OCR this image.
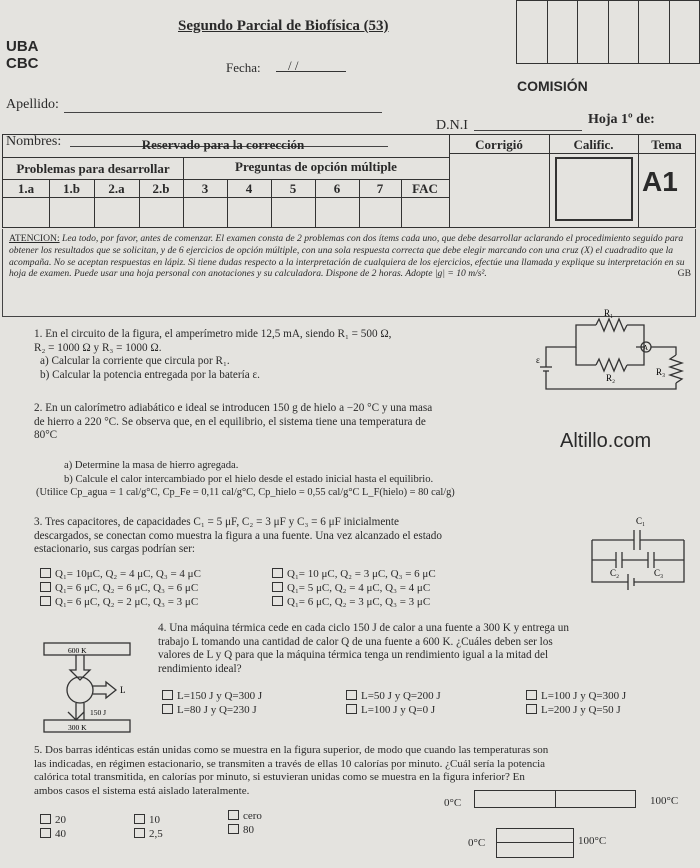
UBA
CBC
Segundo Parcial de Biofísica (53)
Fecha: / /
COMISIÓN
Apellido:
Nombres:
D.N.I	Hoja 1º de:
Reservado para la corrección
Problemas para desarrollar	Preguntas de opción múltiple
1.a	1.b	2.a	2.b	3	4	5	6	7	FAC
Corrigió	Calific.	Tema
A1
ATENCION: Lea todo, por favor, antes de comenzar. El examen consta de 2 problemas con dos ítems cada uno, que debe desarrollar aclarando el procedimiento seguido para obtener los resultados que se solicitan, y de 6 ejercicios de opción múltiple, con una sola respuesta correcta que debe elegir marcando con una cruz (X) el cuadradito que la acompaña. No se aceptan respuestas en lápiz. Si tiene dudas respecto a la interpretación de cualquiera de los ejercicios, efectúe una llamada y explique su interpretación en su hoja de examen. Puede usar una hoja personal con anotaciones y su calculadora. Dispone de 2 horas. Adopte |g| = 10 m/s².	GB
1. En el circuito de la figura, el amperímetro mide 12,5 mA, siendo R₁ = 500 Ω,
R₂ = 1000 Ω y R₃ = 1000 Ω.
a) Calcular la corriente que circula por R₁.
b) Calcular la potencia entregada por la batería ε.
R₁
R₂
R₃
A
ε
2. En un calorímetro adiabático e ideal se introducen 150 g de hielo a −20 °C y una masa
de hierro a 220 °C. Se observa que, en el equilibrio, el sistema tiene una temperatura de
80°C
a) Determine la masa de hierro agregada.
b) Calcule el calor intercambiado por el hielo desde el estado inicial hasta el equilibrio.
(Utilice Cp_agua = 1 cal/g°C, Cp_Fe = 0,11 cal/g°C, Cp_hielo = 0,55 cal/g°C L_F(hielo) = 80 cal/g)
Altillo.com
3. Tres capacitores, de capacidades C₁ = 5 μF, C₂ = 3 μF y C₃ = 6 μF inicialmente
descargados, se conectan como muestra la figura a una fuente. Una vez alcanzado el estado
estacionario, sus cargas podrían ser:
Q₁= 10μC, Q₂ = 4 μC, Q₃ = 4 μC
Q₁= 6 μC, Q₂ = 6 μC, Q₃ = 6 μC
Q₁= 6 μC, Q₂ = 2 μC, Q₃ = 3 μC
Q₁= 10 μC, Q₂ = 3 μC, Q₃ = 6 μC
Q₁= 5 μC, Q₂ = 4 μC, Q₃ = 4 μC
Q₁= 6 μC, Q₂ = 3 μC, Q₃ = 3 μC
C₁
C₂	C₃
4. Una máquina térmica cede en cada ciclo 150 J de calor a una fuente a 300 K y entrega un
trabajo L tomando una cantidad de calor Q de una fuente a 600 K. ¿Cuáles deben ser los
valores de L y Q para que la máquina térmica tenga un rendimiento igual a la mitad del
rendimiento ideal?
L=150 J y Q=300 J
L=80 J y Q=230 J
L=50 J y Q=200 J
L=100 J y Q=0 J
L=100 J y Q=300 J
L=200 J y Q=50 J
600 K
300 K
150 J
L
5. Dos barras idénticas están unidas como se muestra en la figura superior, de modo que cuando las temperaturas son
las indicadas, en régimen estacionario, se transmiten a través de ellas 10 calorías por minuto. ¿Cuál sería la potencia
calórica total transmitida, en calorías por minuto, si estuvieran unidas como se muestra en la figura inferior? En
ambos casos el sistema está aislado lateralmente.
20
40
10
2,5
cero
80
0°C	100°C
0°C	100°C
